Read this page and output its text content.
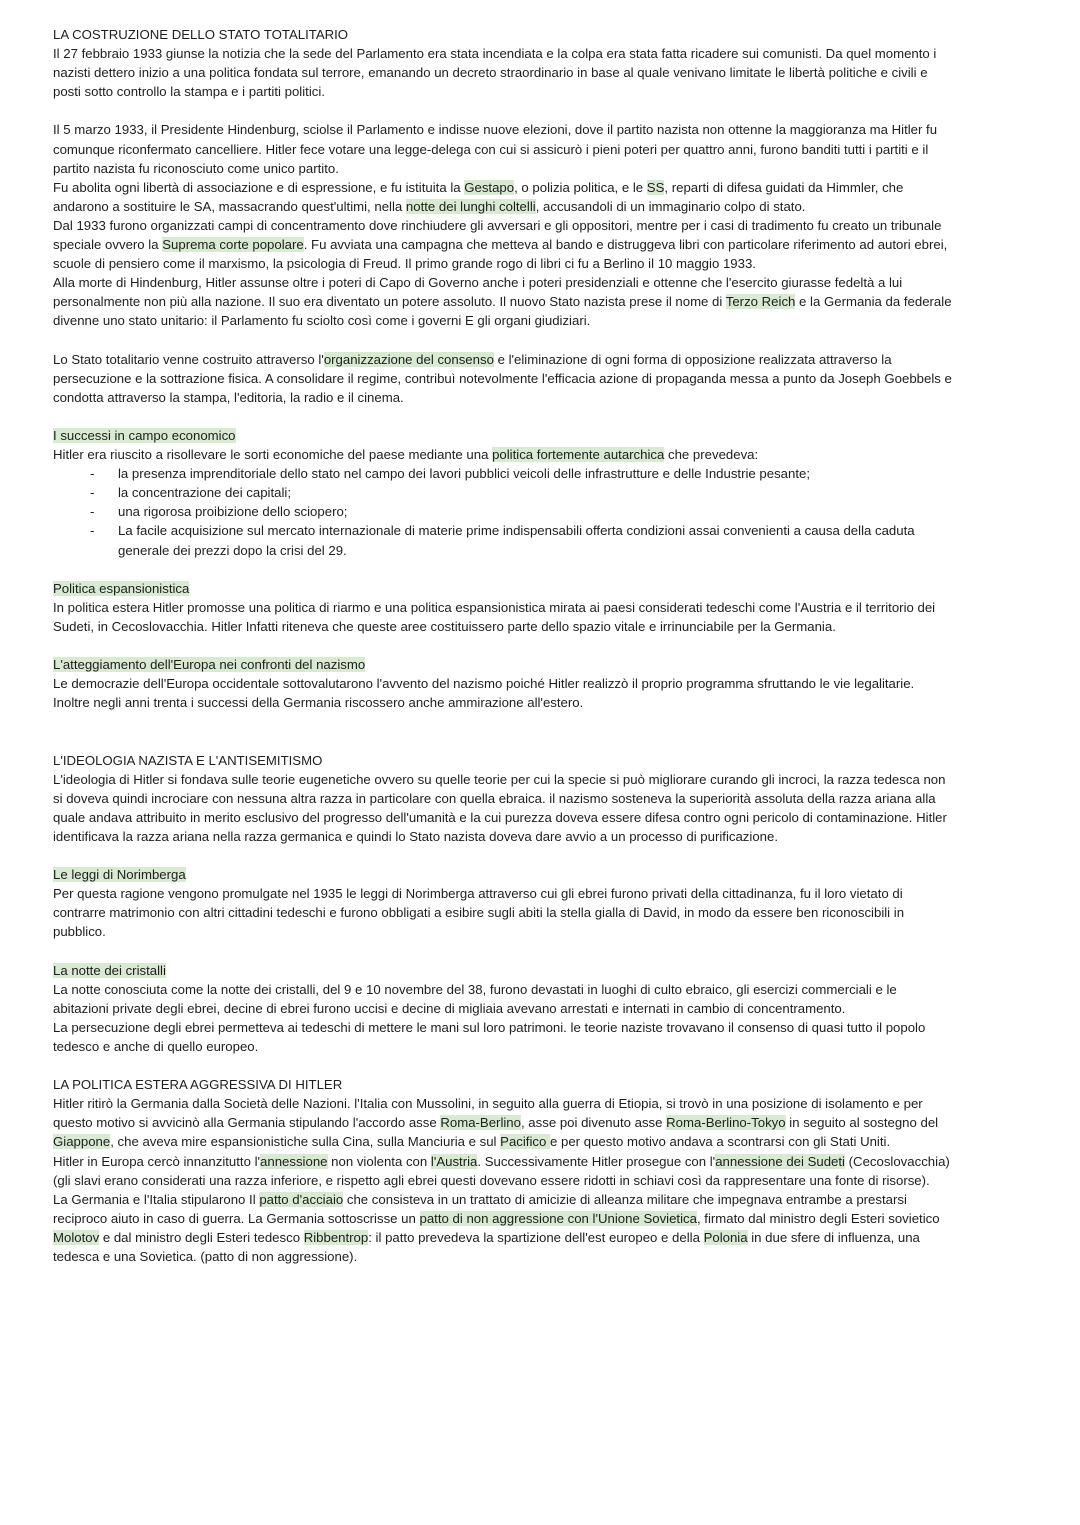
LA COSTRUZIONE DELLO STATO TOTALITARIO

Il 27 febbraio 1933 giunse la notizia che la sede del Parlamento era stata incendiata e la colpa era stata fatta ricadere sui comunisti. Da quel momento i nazisti dettero inizio a una politica fondata sul terrore, emanando un decreto straordinario in base al quale venivano limitate le libertà politiche e civili e posti sotto controllo la stampa e i partiti politici.

Il 5 marzo 1933, il Presidente Hindenburg, sciolse il Parlamento e indisse nuove elezioni, dove il partito nazista non ottenne la maggioranza ma Hitler fu comunque riconfermato cancelliere. Hitler fece votare una legge-delega con cui si assicurò i pieni poteri per quattro anni, furono banditi tutti i partiti e il partito nazista fu riconosciuto come unico partito.

Fu abolita ogni libertà di associazione e di espressione, e fu istituita la Gestapo, o polizia politica, e le SS, reparti di difesa guidati da Himmler, che andarono a sostituire le SA, massacrando quest'ultimi, nella notte dei lunghi coltelli, accusandoli di un immaginario colpo di stato.

Dal 1933 furono organizzati campi di concentramento dove rinchiudere gli avversari e gli oppositori, mentre per i casi di tradimento fu creato un tribunale speciale ovvero la Suprema corte popolare. Fu avviata una campagna che metteva al bando e distruggeva libri con particolare riferimento ad autori ebrei, scuole di pensiero come il marxismo, la psicologia di Freud. Il primo grande rogo di libri ci fu a Berlino il 10 maggio 1933.

Alla morte di Hindenburg, Hitler assunse oltre i poteri di Capo di Governo anche i poteri presidenziali e ottenne che l'esercito giurasse fedeltà a lui personalmente non più alla nazione. Il suo era diventato un potere assoluto. Il nuovo Stato nazista prese il nome di Terzo Reich e la Germania da federale divenne uno stato unitario: il Parlamento fu sciolto così come i governi E gli organi giudiziari.

Lo Stato totalitario venne costruito attraverso l'organizzazione del consenso e l'eliminazione di ogni forma di opposizione realizzata attraverso la persecuzione e la sottrazione fisica. A consolidare il regime, contribuì notevolmente l'efficacia azione di propaganda messa a punto da Joseph Goebbels e condotta attraverso la stampa, l'editoria, la radio e il cinema.

I successi in campo economico

Hitler era riuscito a risollevare le sorti economiche del paese mediante una politica fortemente autarchica che prevedeva:

- la presenza imprenditoriale dello stato nel campo dei lavori pubblici veicoli delle infrastrutture e delle Industrie pesante;
- la concentrazione dei capitali;
- una rigorosa proibizione dello sciopero;
- La facile acquisizione sul mercato internazionale di materie prime indispensabili offerta condizioni assai convenienti a causa della caduta generale dei prezzi dopo la crisi del 29.

Politica espansionistica

In politica estera Hitler promosse una politica di riarmo e una politica espansionistica mirata ai paesi considerati tedeschi come l'Austria e il territorio dei Sudeti, in Cecoslovacchia. Hitler Infatti riteneva che queste aree costituissero parte dello spazio vitale e irrinunciabile per la Germania.

L'atteggiamento dell'Europa nei confronti del nazismo

Le democrazie dell'Europa occidentale sottovalutarono l'avvento del nazismo poiché Hitler realizzò il proprio programma sfruttando le vie legalitarie. Inoltre negli anni trenta i successi della Germania riscossero anche ammirazione all'estero.

L'IDEOLOGIA NAZISTA E L'ANTISEMITISMO

L'ideologia di Hitler si fondava sulle teorie eugenetiche ovvero su quelle teorie per cui la specie si può migliorare curando gli incroci, la razza tedesca non si doveva quindi incrociare con nessuna altra razza in particolare con quella ebraica. il nazismo sosteneva la superiorità assoluta della razza ariana alla quale andava attribuito in merito esclusivo del progresso dell'umanità e la cui purezza doveva essere difesa contro ogni pericolo di contaminazione. Hitler identificava la razza ariana nella razza germanica e quindi lo Stato nazista doveva dare avvio a un processo di purificazione.

Le leggi di Norimberga

Per questa ragione vengono promulgate nel 1935 le leggi di Norimberga attraverso cui gli ebrei furono privati della cittadinanza, fu il loro vietato di contrarre matrimonio con altri cittadini tedeschi e furono obbligati a esibire sugli abiti la stella gialla di David, in modo da essere ben riconoscibili in pubblico.

La notte dei cristalli

La notte conosciuta come la notte dei cristalli, del 9 e 10 novembre del 38, furono devastati in luoghi di culto ebraico, gli esercizi commerciali e le abitazioni private degli ebrei, decine di ebrei furono uccisi e decine di migliaia avevano arrestati e internati in cambio di concentramento.

La persecuzione degli ebrei permetteva ai tedeschi di mettere le mani sul loro patrimoni. le teorie naziste trovavano il consenso di quasi tutto il popolo tedesco e anche di quello europeo.

LA POLITICA ESTERA AGGRESSIVA DI HITLER

Hitler ritirò la Germania dalla Società delle Nazioni. l'Italia con Mussolini, in seguito alla guerra di Etiopia, si trovò in una posizione di isolamento e per questo motivo si avvicinò alla Germania stipulando l'accordo asse Roma-Berlino, asse poi divenuto asse Roma-Berlino-Tokyo in seguito al sostegno del Giappone, che aveva mire espansionistiche sulla Cina, sulla Manciuria e sul Pacifico e per questo motivo andava a scontrarsi con gli Stati Uniti.

Hitler in Europa cercò innanzitutto l'annessione non violenta con l'Austria. Successivamente Hitler prosegue con l'annessione dei Sudeti (Cecoslovacchia) (gli slavi erano considerati una razza inferiore, e rispetto agli ebrei questi dovevano essere ridotti in schiavi così da rappresentare una fonte di risorse).

La Germania e l'Italia stipularono Il patto d'acciaio che consisteva in un trattato di amicizie di alleanza militare che impegnava entrambe a prestarsi reciproco aiuto in caso di guerra. La Germania sottoscrisse un patto di non aggressione con l'Unione Sovietica, firmato dal ministro degli Esteri sovietico Molotov e dal ministro degli Esteri tedesco Ribbentrop: il patto prevedeva la spartizione dell'est europeo e della Polonia in due sfere di influenza, una tedesca e una Sovietica. (patto di non aggressione).
